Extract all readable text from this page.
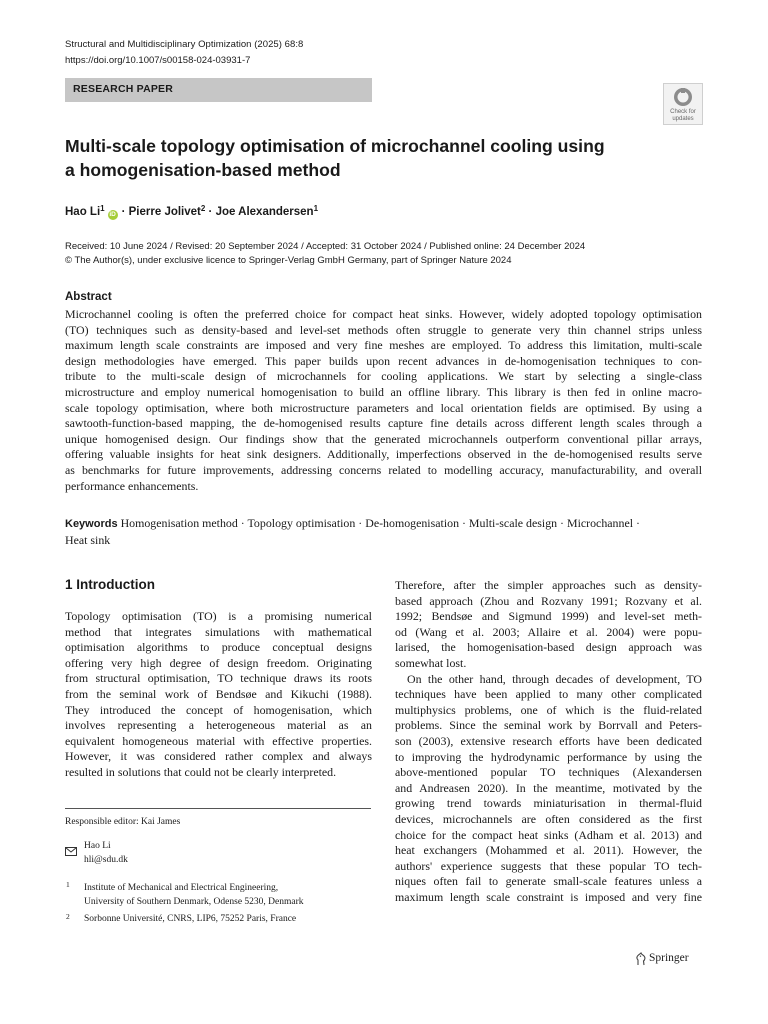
Structural and Multidisciplinary Optimization (2025) 68:8
https://doi.org/10.1007/s00158-024-03931-7
RESEARCH PAPER
Check for
updates
Multi-scale topology optimisation of microchannel cooling using
a homogenisation-based method
Hao $Li^1iD$ · Pierre Jolivet$^2$ · Joe Alexandersen$^1$
Received: 10 June 2024 / Revised: 20 September 2024 / Accepted: 31 October 2024 / Published online: 24 December 2024
© The Author(s), under exclusive licence to Springer-Verlag GmbH Germany, part of Springer Nature 2024
Abstract
Microchannel cooling is often the preferred choice for compact heat sinks. However, widely adopted topology optimisation
(TO) techniques such as density-based and level-set methods often struggle to generate very thin channel strips unless
maximum length scale constraints are imposed and very fine meshes are employed. To address this limitation, multi-scale
design methodologies have emerged. This paper builds upon recent advances in de-homogenisation techniques to con-
tribute to the multi-scale design of microchannels for cooling applications. We start by selecting a single-class
microstructure and employ numerical homogenisation to build an offline library. This library is then fed in online macro-
scale topology optimisation, where both microstructure parameters and local orientation fields are optimised. By using a
sawtooth-function-based mapping, the de-homogenised results capture fine details across different length scales through a
unique homogenised design. Our findings show that the generated microchannels outperform conventional pillar arrays,
offering valuable insights for heat sink designers. Additionally, imperfections observed in the de-homogenised results serve
as benchmarks for future improvements, addressing concerns related to modelling accuracy, manufacturability, and overall
performance enhancements.
Keywords Homogenisation method · Topology optimisation · De-homogenisation · Multi-scale design · Microchannel ·
Heat sink
1 Introduction
Topology optimisation (TO) is a promising numerical
method that integrates simulations with mathematical
optimisation algorithms to produce conceptual designs
offering very high degree of design freedom. Originating
from structural optimisation, TO technique draws its roots
from the seminal work of Bendsøe and Kikuchi (1988).
They introduced the concept of homogenisation, which
involves representing a heterogeneous material as an
equivalent homogeneous material with effective properties.
However, it was considered rather complex and always
resulted in solutions that could not be clearly interpreted.
Therefore, after the simpler approaches such as density-
based approach (Zhou and Rozvany 1991; Rozvany et al.
1992; Bendsøe and Sigmund 1999) and level-set meth-
od (Wang et al. 2003; Allaire et al. 2004) were popu-
larised, the homogenisation-based design approach was
somewhat lost.
On the other hand, through decades of development, TO
techniques have been applied to many other complicated
multiphysics problems, one of which is the fluid-related
problems. Since the seminal work by Borrvall and Peters-
son (2003), extensive research efforts have been dedicated
to improving the hydrodynamic performance by using the
above-mentioned popular TO techniques (Alexandersen
and Andreasen 2020). In the meantime, motivated by the
growing trend towards miniaturisation in thermal-fluid
devices, microchannels are often considered as the first
choice for the compact heat sinks (Adham et al. 2013) and
heat exchangers (Mohammed et al. 2011). However, the
authors' experience suggests that these popular TO tech-
niques often fail to generate small-scale features unless a
maximum length scale constraint is imposed and very fine
Responsible editor: Kai James
Hao Li
hli@sdu.dk
1 Institute of Mechanical and Electrical Engineering,
University of Southern Denmark, Odense 5230, Denmark
2 Sorbonne Université, CNRS, LIP6, 75252 Paris, France
Springer
